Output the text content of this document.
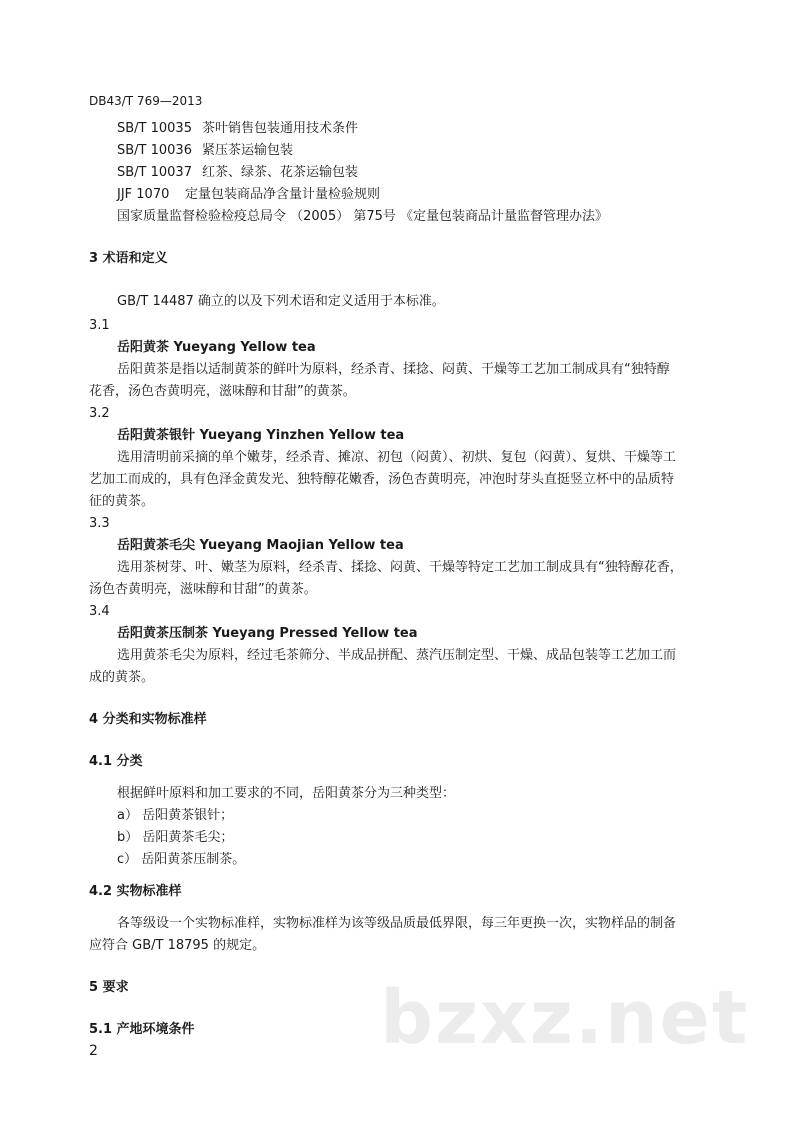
DB43/T 769—2013
SB/T 10035 茶叶销售包装通用技术条件
SB/T 10036 紧压茶运输包装
SB/T 10037 红茶、绿茶、花茶运输包装
JJF 1070 定量包装商品净含量计量检验规则
国家质量监督检验检疫总局令 （2005） 第75号 《定量包装商品计量监督管理办法》
3 术语和定义
GB/T 14487 确立的以及下列术语和定义适用于本标准。
3.1
岳阳黄茶 Yueyang Yellow tea
岳阳黄茶是指以适制黄茶的鲜叶为原料，经杀青、揉捻、闷黄、干燥等工艺加工制成具有“独特醇
花香，汤色杏黄明亮，滋味醇和甘甜”的黄茶。
3.2
岳阳黄茶银针 Yueyang Yinzhen Yellow tea
选用清明前采摘的单个嫩芽，经杀青、摊凉、初包（闷黄）、初烘、复包（闷黄）、复烘、干燥等工
艺加工而成的，具有色泽金黄发光、独特醇花嫩香，汤色杏黄明亮，冲泡时芽头直挺竖立杯中的品质特
征的黄茶。
3.3
岳阳黄茶毛尖 Yueyang Maojian Yellow tea
选用茶树芽、叶、嫩茎为原料，经杀青、揉捻、闷黄、干燥等特定工艺加工制成具有“独特醇花香，
汤色杏黄明亮，滋味醇和甘甜”的黄茶。
3.4
岳阳黄茶压制茶 Yueyang Pressed Yellow tea
选用黄茶毛尖为原料，经过毛茶筛分、半成品拼配、蒸汽压制定型、干燥、成品包装等工艺加工而
成的黄茶。
4 分类和实物标准样
4.1 分类
根据鲜叶原料和加工要求的不同，岳阳黄茶分为三种类型：
a） 岳阳黄茶银针；
b） 岳阳黄茶毛尖；
c） 岳阳黄茶压制茶。
4.2 实物标准样
各等级设一个实物标准样，实物标准样为该等级品质最低界限，每三年更换一次，实物样品的制备
应符合 GB/T 18795 的规定。
5 要求
5.1 产地环境条件	bzxz.net
2
